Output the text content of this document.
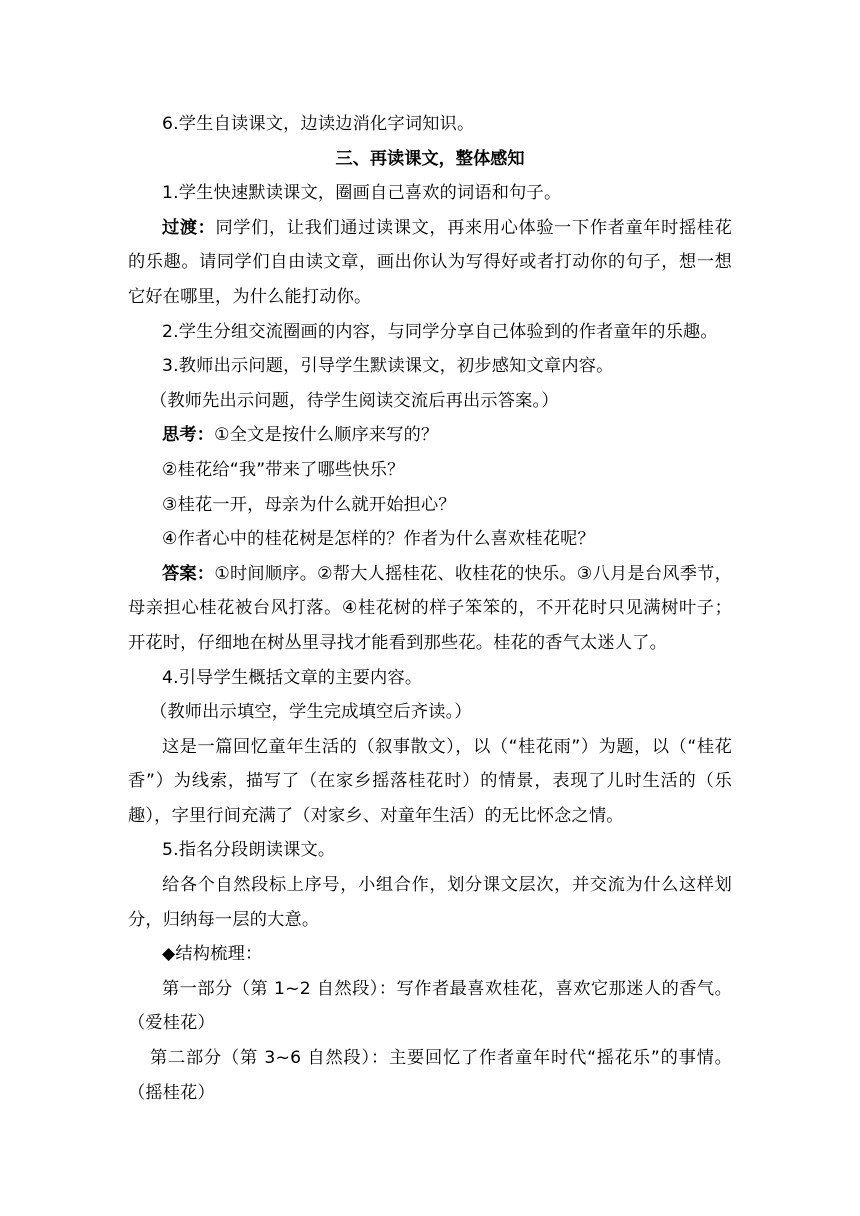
6.学生自读课文，边读边消化字词知识。

三、再读课文，整体感知

1.学生快速默读课文，圈画自己喜欢的词语和句子。

过渡：同学们，让我们通过读课文，再来用心体验一下作者童年时摇桂花的乐趣。请同学们自由读文章，画出你认为写得好或者打动你的句子，想一想它好在哪里，为什么能打动你。

2.学生分组交流圈画的内容，与同学分享自己体验到的作者童年的乐趣。

3.教师出示问题，引导学生默读课文，初步感知文章内容。

（教师先出示问题，待学生阅读交流后再出示答案。）

思考：①全文是按什么顺序来写的？

②桂花给“我”带来了哪些快乐？

③桂花一开，母亲为什么就开始担心？

④作者心中的桂花树是怎样的？作者为什么喜欢桂花呢？

答案：①时间顺序。②帮大人摇桂花、收桂花的快乐。③八月是台风季节，母亲担心桂花被台风打落。④桂花树的样子笨笨的，不开花时只见满树叶子；开花时，仔细地在树丛里寻找才能看到那些花。桂花的香气太迷人了。

4.引导学生概括文章的主要内容。

（教师出示填空，学生完成填空后齐读。）

这是一篇回忆童年生活的（叙事散文），以（“桂花雨”）为题，以（“桂花香”）为线索，描写了（在家乡摇落桂花时）的情景，表现了儿时生活的（乐趣），字里行间充满了（对家乡、对童年生活）的无比怀念之情。

5.指名分段朗读课文。

给各个自然段标上序号，小组合作，划分课文层次，并交流为什么这样划分，归纳每一层的大意。

◆结构梳理：

第一部分（第 1~2 自然段）：写作者最喜欢桂花，喜欢它那迷人的香气。（爱桂花）

第二部分（第 3~6 自然段）：主要回忆了作者童年时代“摇花乐”的事情。（摇桂花）
